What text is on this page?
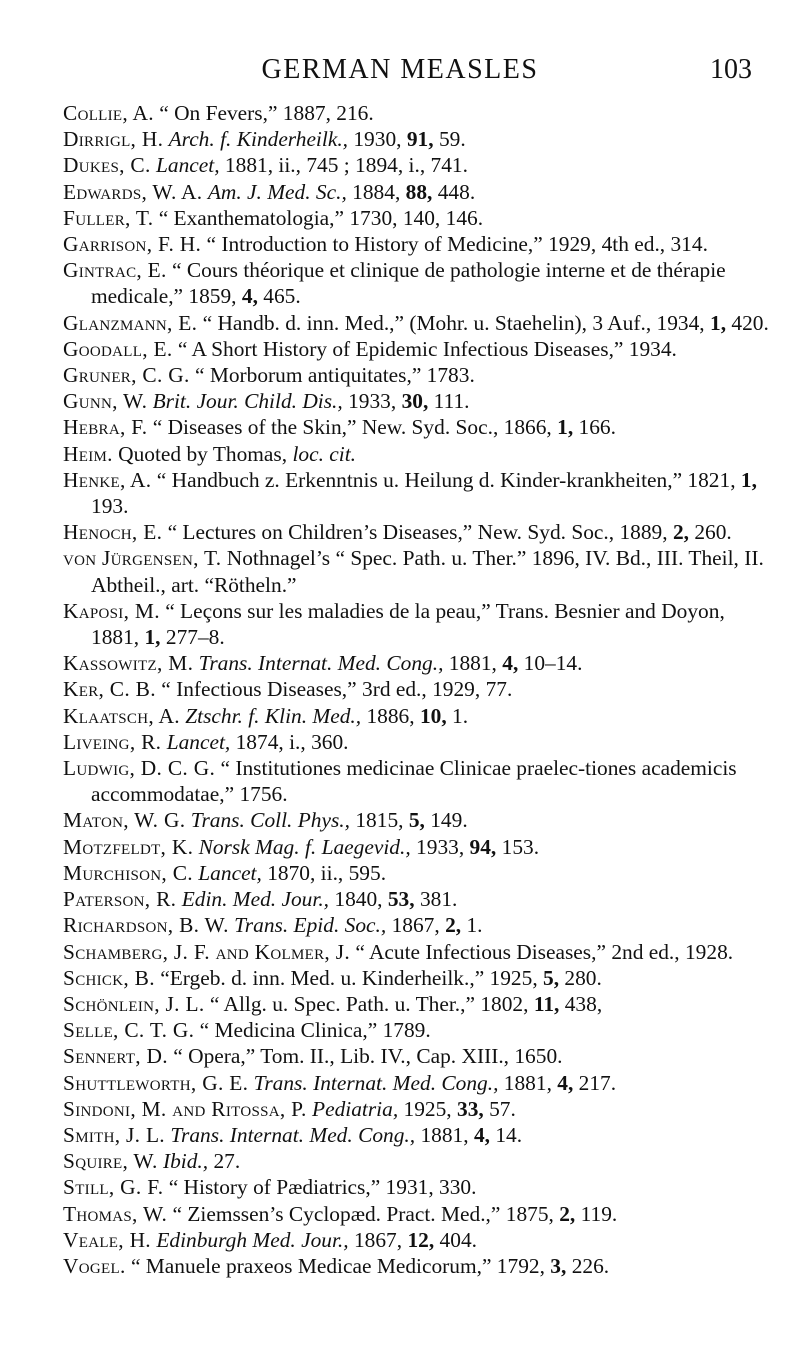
GERMAN MEASLES	103
Collie, A. “ On Fevers,” 1887, 216.
Dirrigl, H. Arch. f. Kinderheilk., 1930, 91, 59.
Dukes, C. Lancet, 1881, ii., 745 ; 1894, i., 741.
Edwards, W. A. Am. J. Med. Sc., 1884, 88, 448.
Fuller, T. “ Exanthematologia,” 1730, 140, 146.
Garrison, F. H. “ Introduction to History of Medicine,” 1929, 4th ed., 314.
Gintrac, E. “ Cours théorique et clinique de pathologie interne et de thérapie medicale,” 1859, 4, 465.
Glanzmann, E. “ Handb. d. inn. Med.,” (Mohr. u. Staehelin), 3 Auf., 1934, 1, 420.
Goodall, E. “ A Short History of Epidemic Infectious Diseases,” 1934.
Gruner, C. G. “ Morborum antiquitates,” 1783.
Gunn, W. Brit. Jour. Child. Dis., 1933, 30, 111.
Hebra, F. “ Diseases of the Skin,” New. Syd. Soc., 1866, 1, 166.
Heim. Quoted by Thomas, loc. cit.
Henke, A. “ Handbuch z. Erkenntnis u. Heilung d. Kinder-krankheiten,” 1821, 1, 193.
Henoch, E. “ Lectures on Children’s Diseases,” New. Syd. Soc., 1889, 2, 260.
von Jürgensen, T. Nothnagel’s “ Spec. Path. u. Ther.” 1896, IV. Bd., III. Theil, II. Abtheil., art. “Rötheln.”
Kaposi, M. “ Leçons sur les maladies de la peau,” Trans. Besnier and Doyon, 1881, 1, 277–8.
Kassowitz, M. Trans. Internat. Med. Cong., 1881, 4, 10–14.
Ker, C. B. “ Infectious Diseases,” 3rd ed., 1929, 77.
Klaatsch, A. Ztschr. f. Klin. Med., 1886, 10, 1.
Liveing, R. Lancet, 1874, i., 360.
Ludwig, D. C. G. “ Institutiones medicinae Clinicae praelec-tiones academicis accommodatae,” 1756.
Maton, W. G. Trans. Coll. Phys., 1815, 5, 149.
Motzfeldt, K. Norsk Mag. f. Laegevid., 1933, 94, 153.
Murchison, C. Lancet, 1870, ii., 595.
Paterson, R. Edin. Med. Jour., 1840, 53, 381.
Richardson, B. W. Trans. Epid. Soc., 1867, 2, 1.
Schamberg, J. F. and Kolmer, J. “ Acute Infectious Diseases,” 2nd ed., 1928.
Schick, B. “Ergeb. d. inn. Med. u. Kinderheilk.,” 1925, 5, 280.
Schönlein, J. L. “ Allg. u. Spec. Path. u. Ther.,” 1802, 11, 438,
Selle, C. T. G. “ Medicina Clinica,” 1789.
Sennert, D. “ Opera,” Tom. II., Lib. IV., Cap. XIII., 1650.
Shuttleworth, G. E. Trans. Internat. Med. Cong., 1881, 4, 217.
Sindoni, M. and Ritossa, P. Pediatria, 1925, 33, 57.
Smith, J. L. Trans. Internat. Med. Cong., 1881, 4, 14.
Squire, W. Ibid., 27.
Still, G. F. “ History of Pædiatrics,” 1931, 330.
Thomas, W. “ Ziemssen’s Cyclopæd. Pract. Med.,” 1875, 2, 119.
Veale, H. Edinburgh Med. Jour., 1867, 12, 404.
Vogel. “ Manuele praxeos Medicae Medicorum,” 1792, 3, 226.
